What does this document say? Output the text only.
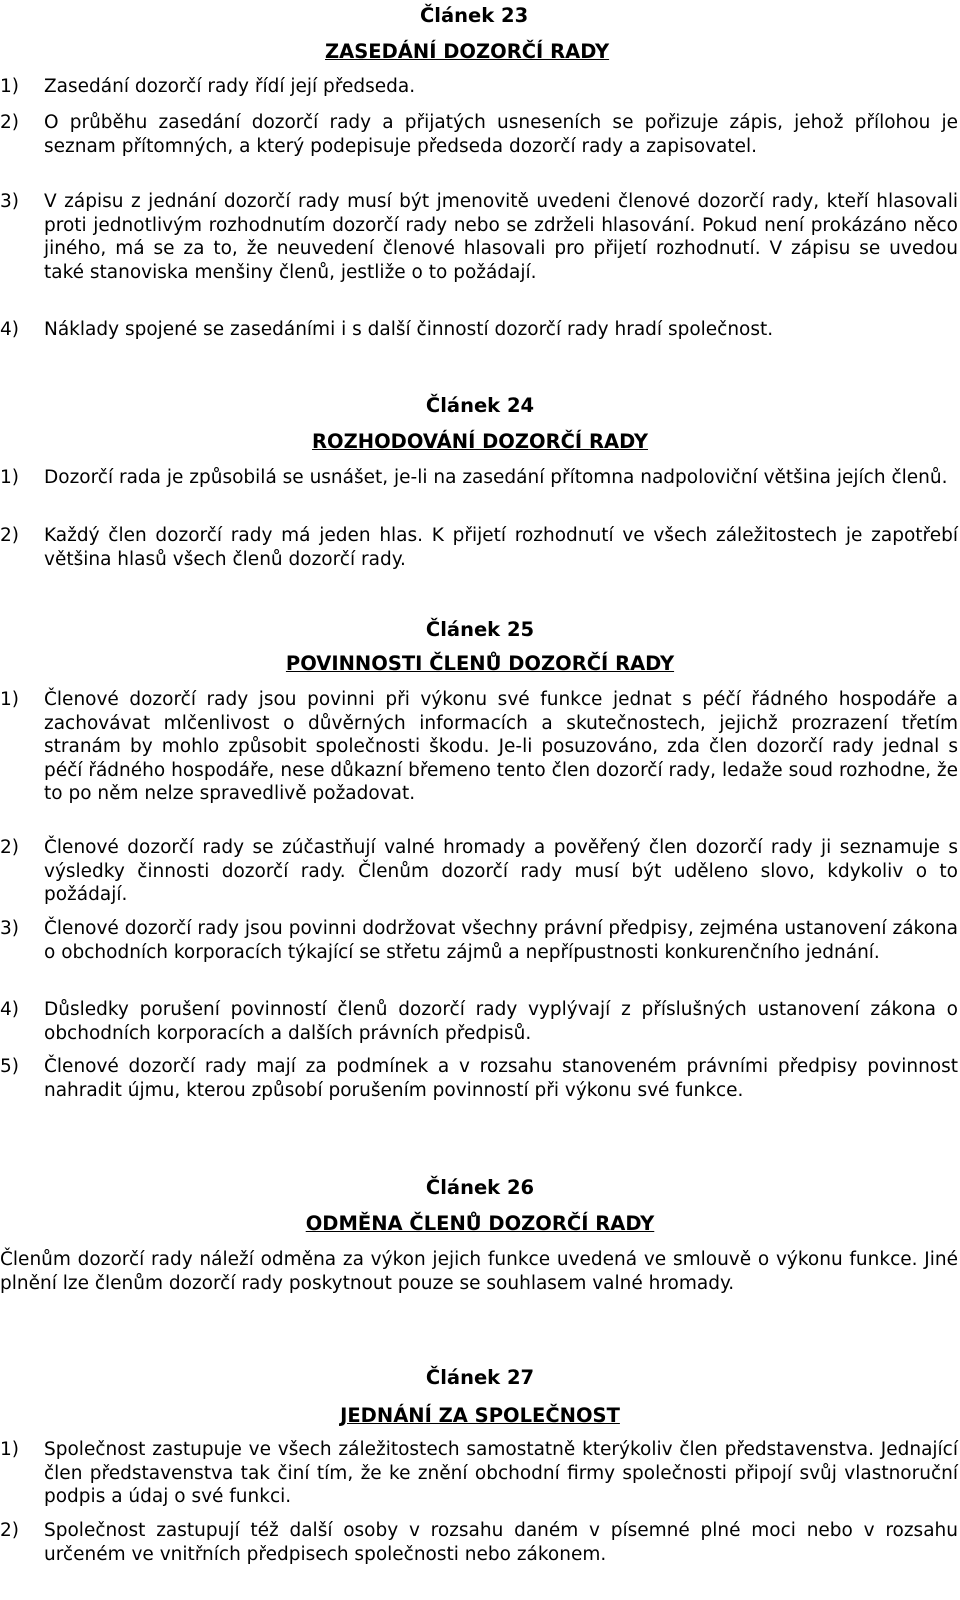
Článek 23
ZASEDÁNÍ DOZORČÍ RADY
1) Zasedání dozorčí rady řídí její předseda.
2) O průběhu zasedání dozorčí rady a přijatých usneseních se pořizuje zápis, jehož přílohou je seznam přítomných, a který podepisuje předseda dozorčí rady a zapisovatel.
3) V zápisu z jednání dozorčí rady musí být jmenovitě uvedeni členové dozorčí rady, kteří hlasovali proti jednotlivým rozhodnutím dozorčí rady nebo se zdrželi hlasování. Pokud není prokázáno něco jiného, má se za to, že neuvedení členové hlasovali pro přijetí rozhodnutí. V zápisu se uvedou také stanoviska menšiny členů, jestliže o to požádají.
4) Náklady spojené se zasedáními i s další činností dozorčí rady hradí společnost.
Článek 24
ROZHODOVÁNÍ DOZORČÍ RADY
1) Dozorčí rada je způsobilá se usnášet, je-li na zasedání přítomna nadpoloviční většina jejích členů.
2) Každý člen dozorčí rady má jeden hlas. K přijetí rozhodnutí ve všech záležitostech je zapotřebí většina hlasů všech členů dozorčí rady.
Článek 25
POVINNOSTI ČLENŮ DOZORČÍ RADY
1) Členové dozorčí rady jsou povinni při výkonu své funkce jednat s péčí řádného hospodáře a zachovávat mlčenlivost o důvěrných informacích a skutečnostech, jejichž prozrazení třetím stranám by mohlo způsobit společnosti škodu. Je-li posuzováno, zda člen dozorčí rady jednal s péčí řádného hospodáře, nese důkazní břemeno tento člen dozorčí rady, ledaže soud rozhodne, že to po něm nelze spravedlivě požadovat.
2) Členové dozorčí rady se zúčastňují valné hromady a pověřený člen dozorčí rady ji seznamuje s výsledky činnosti dozorčí rady. Členům dozorčí rady musí být uděleno slovo, kdykoliv o to požádají.
3) Členové dozorčí rady jsou povinni dodržovat všechny právní předpisy, zejména ustanovení zákona o obchodních korporacích týkající se střetu zájmů a nepřípustnosti konkurenčního jednání.
4) Důsledky porušení povinností členů dozorčí rady vyplývají z příslušných ustanovení zákona o obchodních korporacích a dalších právních předpisů.
5) Členové dozorčí rady mají za podmínek a v rozsahu stanoveném právními předpisy povinnost nahradit újmu, kterou způsobí porušením povinností při výkonu své funkce.
Článek 26
ODMĚNA ČLENŮ DOZORČÍ RADY
Členům dozorčí rady náleží odměna za výkon jejich funkce uvedená ve smlouvě o výkonu funkce. Jiné plnění lze členům dozorčí rady poskytnout pouze se souhlasem valné hromady.
Článek 27
JEDNÁNÍ ZA SPOLEČNOST
1) Společnost zastupuje ve všech záležitostech samostatně kterýkoliv člen představenstva. Jednající člen představenstva tak činí tím, že ke znění obchodní firmy společnosti připojí svůj vlastnoruční podpis a údaj o své funkci.
2) Společnost zastupují též další osoby v rozsahu daném v písemné plné moci nebo v rozsahu určeném ve vnitřních předpisech společnosti nebo zákonem.
